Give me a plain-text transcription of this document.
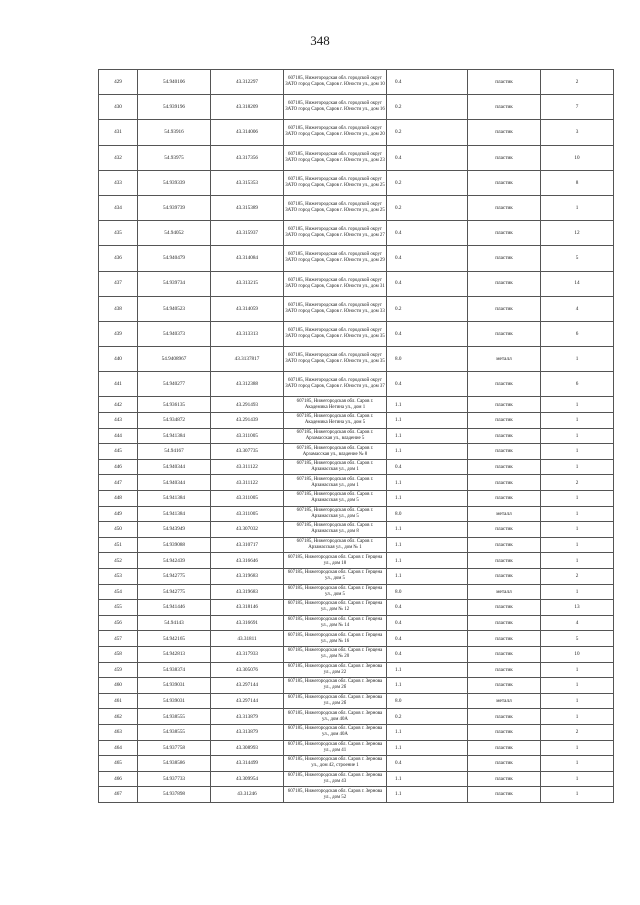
348
429	54.940106	43.312297	607185, Нижегородская обл. городской округ ЗАТО город Саров, Саров г. Юности ул., дом 10	0.4	пластик	2
430	54.939196	43.318209	607185, Нижегородская обл. городской округ ЗАТО город Саров, Саров г. Юности ул., дом 16	0.2	пластик	7
431	54.93916	43.314006	607185, Нижегородская обл. городской округ ЗАТО город Саров, Саров г. Юности ул., дом 20	0.2	пластик	3
432	54.93975	43.317356	607185, Нижегородская обл. городской округ ЗАТО город Саров, Саров г. Юности ул., дом 23	0.4	пластик	10
433	54.939339	43.315353	607185, Нижегородская обл. городской округ ЗАТО город Саров, Саров г. Юности ул., дом 25	0.2	пластик	8
434	54.939739	43.315389	607185, Нижегородская обл. городской округ ЗАТО город Саров, Саров г. Юности ул., дом 25	0.2	пластик	1
435	54.94052	43.315937	607185, Нижегородская обл. городской округ ЗАТО город Саров, Саров г. Юности ул., дом 27	0.4	пластик	12
436	54.940479	43.314084	607185, Нижегородская обл. городской округ ЗАТО город Саров, Саров г. Юности ул., дом 29	0.4	пластик	5
437	54.939734	43.313215	607185, Нижегородская обл. городской округ ЗАТО город Саров, Саров г. Юности ул., дом 31	0.4	пластик	14
438	54.940523	43.314059	607185, Нижегородская обл. городской округ ЗАТО город Саров, Саров г. Юности ул., дом 33	0.2	пластик	4
439	54.940373	43.313313	607185, Нижегородская обл. городской округ ЗАТО город Саров, Саров г. Юности ул., дом 35	0.4	пластик	6
440	54.9408967	43.3137817	607185, Нижегородская обл. городской округ ЗАТО город Саров, Саров г. Юности ул., дом 35	8.0	металл	1
441	54.940277	43.312388	607185, Нижегородская обл. городской округ ЗАТО город Саров, Саров г. Юности ул., дом 37	0.4	пластик	6
442	54.936135	43.291493	607185, Нижегородская обл. Саров г. Академика Негина ул., дом 1	1.1	пластик	1
443	54.934872	43.291439	607185, Нижегородская обл. Саров г. Академика Негина ул., дом 5	1.1	пластик	1
444	54.941384	43.311005	607185, Нижегородская обл. Саров г. Арзамасская ул., владение 5	1.1	пластик	1
445	54.94167	43.307735	607185, Нижегородская обл. Саров г. Арзамасская ул., владение № 8	1.1	пластик	1
446	54.940344	43.311122	607185, Нижегородская обл. Саров г. Арзамасская ул., дом 1	0.4	пластик	1
447	54.940344	43.311122	607185, Нижегородская обл. Саров г. Арзамасская ул., дом 1	1.1	пластик	2
448	54.941384	43.311005	607185, Нижегородская обл. Саров г. Арзамасская ул., дом 5	1.1	пластик	1
449	54.941384	43.311005	607185, Нижегородская обл. Саров г. Арзамасская ул., дом 5	8.0	металл	1
450	54.943949	43.307032	607185, Нижегородская обл. Саров г. Арзамасская ул., дом 8	1.1	пластик	1
451	54.939088	43.310717	607185, Нижегородская обл. Саров г. Арзамасская ул., дом № 1	1.1	пластик	1
452	54.942439	43.316646	607185, Нижегородская обл. Саров г. Герцена ул., дом 18	1.1	пластик	1
453	54.942775	43.319683	607185, Нижегородская обл. Саров г. Герцена ул., дом 5	1.1	пластик	2
454	54.942775	43.319683	607185, Нижегородская обл. Саров г. Герцена ул., дом 5	8.0	металл	1
455	54.941446	43.318146	607185, Нижегородская обл. Саров г. Герцена ул., дом № 12	0.4	пластик	13
456	54.94143	43.316691	607185, Нижегородская обл. Саров г. Герцена ул., дом № 14	0.4	пластик	4
457	54.942165	43.31811	607185, Нижегородская обл. Саров г. Герцена ул., дом № 16	0.4	пластик	5
458	54.942813	43.317933	607185, Нижегородская обл. Саров г. Герцена ул., дом № 20	0.4	пластик	10
459	54.938374	43.305076	607185, Нижегородская обл. Саров г. Зернова ул., дом 22	1.1	пластик	1
460	54.939031	43.297144	607185, Нижегородская обл. Саров г. Зернова ул., дом 2б	1.1	пластик	1
461	54.939031	43.297144	607185, Нижегородская обл. Саров г. Зернова ул., дом 2б	8.0	металл	1
462	54.938555	43.313879	607185, Нижегородская обл. Саров г. Зернова ул., дом 40А	0.2	пластик	1
463	54.938555	43.313879	607185, Нижегородская обл. Саров г. Зернова ул., дом 40А	1.1	пластик	2
464	54.937758	43.308993	607185, Нижегородская обл. Саров г. Зернова ул., дом 41	1.1	пластик	1
465	54.938586	43.314499	607185, Нижегородская обл. Саров г. Зернова ул., дом 42, строение 1	0.4	пластик	1
466	54.937733	43.309954	607185, Нижегородская обл. Саров г. Зернова ул., дом 43	1.1	пластик	1
467	54.937898	43.31246	607185, Нижегородская обл. Саров г. Зернова ул., дом 52	1.1	пластик	1
